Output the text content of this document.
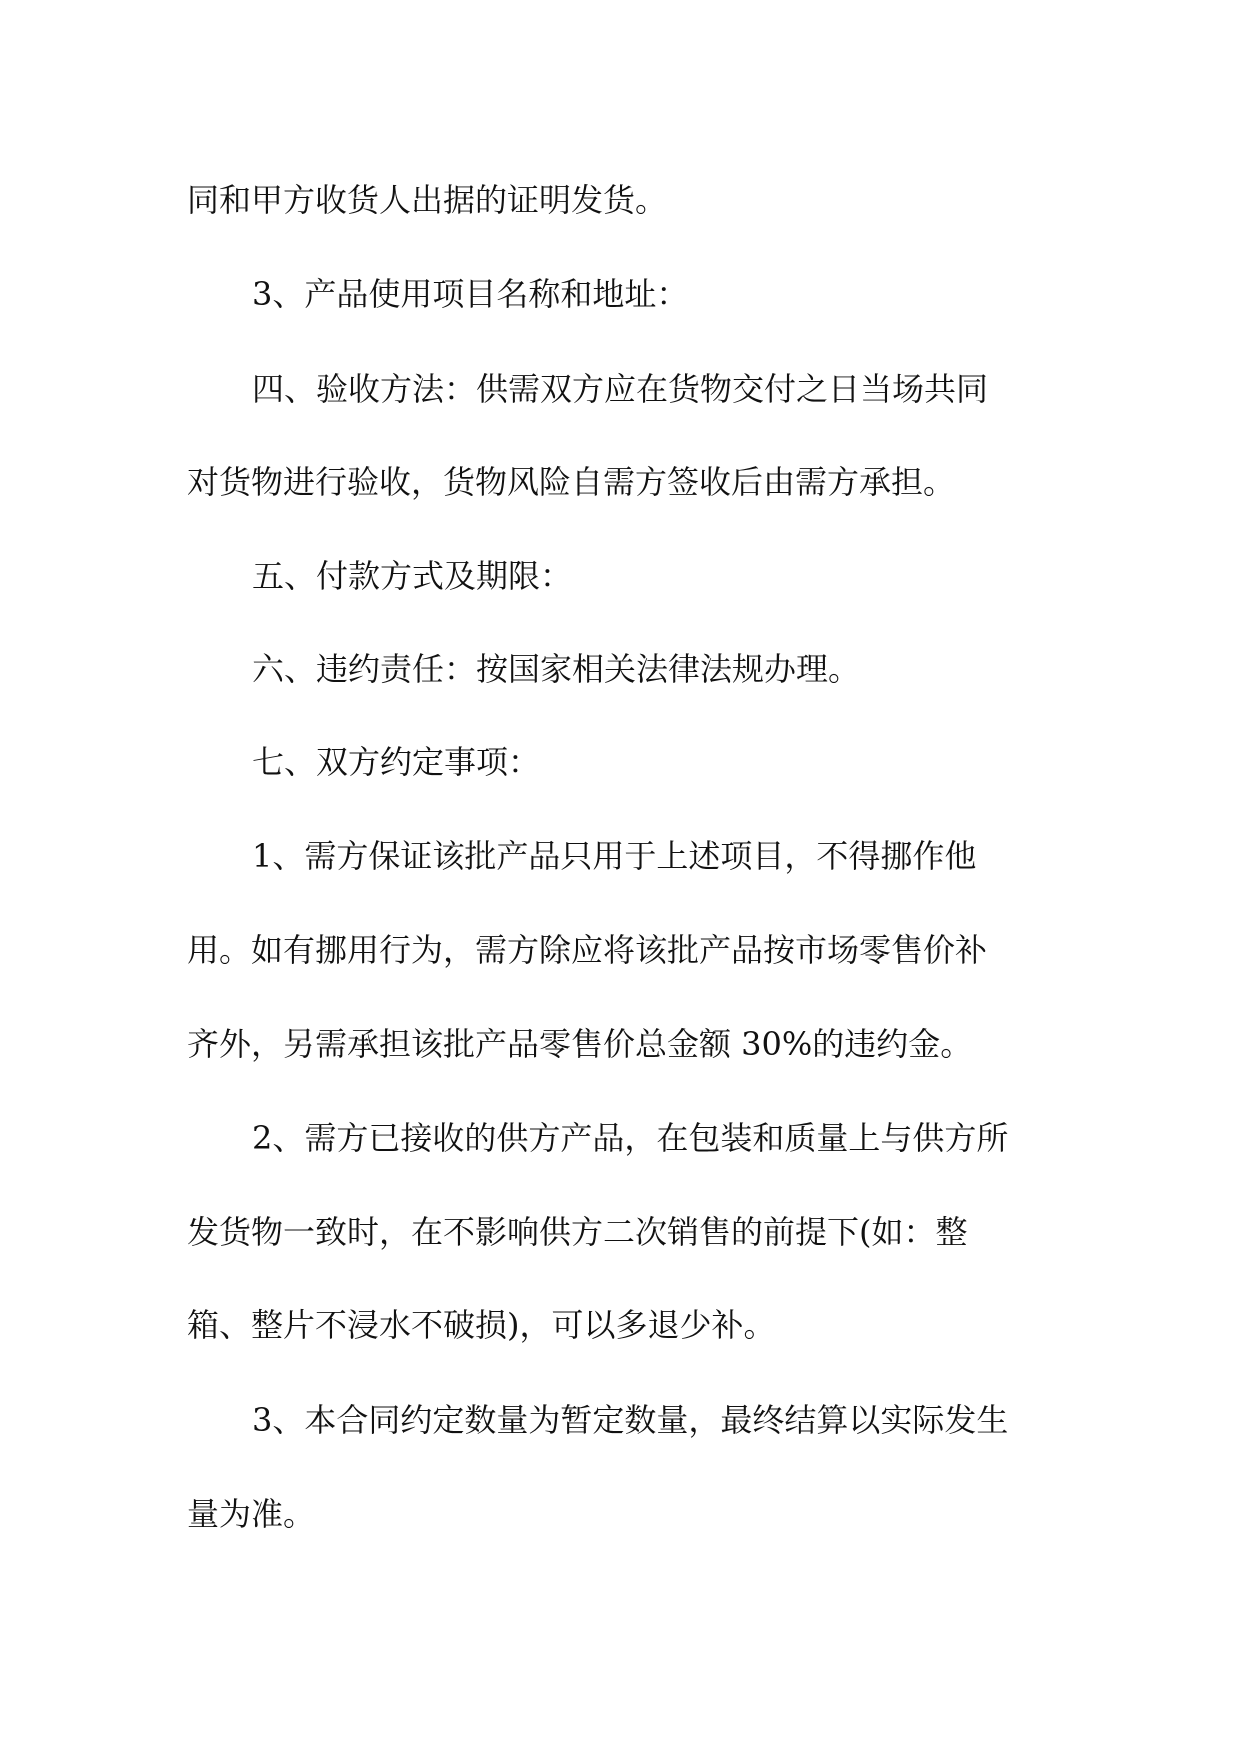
同和甲方收货人出据的证明发货。
3、产品使用项目名称和地址：
四、验收方法：供需双方应在货物交付之日当场共同
对货物进行验收，货物风险自需方签收后由需方承担。
五、付款方式及期限：
六、违约责任：按国家相关法律法规办理。
七、双方约定事项：
1、需方保证该批产品只用于上述项目，不得挪作他
用。如有挪用行为，需方除应将该批产品按市场零售价补
齐外，另需承担该批产品零售价总金额 30%的违约金。
2、需方已接收的供方产品，在包装和质量上与供方所
发货物一致时，在不影响供方二次销售的前提下(如：整
箱、整片不浸水不破损)，可以多退少补。
3、本合同约定数量为暂定数量，最终结算以实际发生
量为准。
